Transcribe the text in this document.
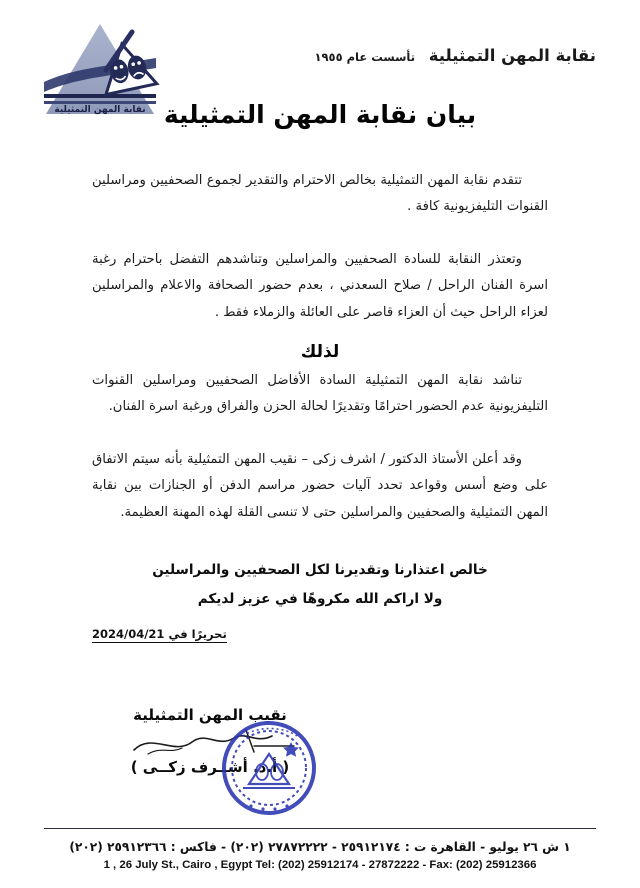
نقابة المهن التمثيلية
نقابة المهن التمثيلية تأسست عام ١٩٥٥
بيان نقابة المهن التمثيلية

تتقدم نقابة المهن التمثيلية بخالص الاحترام والتقدير لجموع الصحفيين ومراسلين القنوات التليفزيونية كافة .

وتعتذر النقابة للسادة الصحفيين والمراسلين وتناشدهم التفضل باحترام رغبة اسرة الفنان الراحل / صلاح السعدني ، بعدم حضور الصحافة والاعلام والمراسلين لعزاء الراحل حيث أن العزاء قاصر على العائلة والزملاء فقط .

لذلك

تناشد نقابة المهن التمثيلية السادة الأفاضل الصحفيين ومراسلين القنوات التليفزيونية عدم الحضور احترامًا وتقديرًا لحالة الحزن والفراق ورغبة اسرة الفنان.

وقد أعلن الأستاذ الدكتور / اشرف زكى – نقيب المهن التمثيلية بأنه سيتم الاتفاق على وضع أسس وقواعد تحدد آليات حضور مراسم الدفن أو الجنازات بين نقابة المهن التمثيلية والصحفيين والمراسلين حتى لا تنسى القلة لهذه المهنة العظيمة.

خالص اعتذارنا وتقديرنا لكل الصحفيين والمراسلين
ولا اراكم الله مكروهًا في عزيز لديكم
تحريرًا في 2024/04/21
نقيب المهن التمثيلية
( أ.د. أشــرف زكــى )
١ ش ٢٦ يوليو - القاهرة ت : ٢٥٩١٢١٧٤ - ٢٧٨٧٢٢٢٢ (٢٠٢) - فاكس : ٢٥٩١٢٣٦٦ (٢٠٢)
1 , 26 July St., Cairo , Egypt Tel: (202) 25912174 - 27872222 - Fax: (202) 25912366
